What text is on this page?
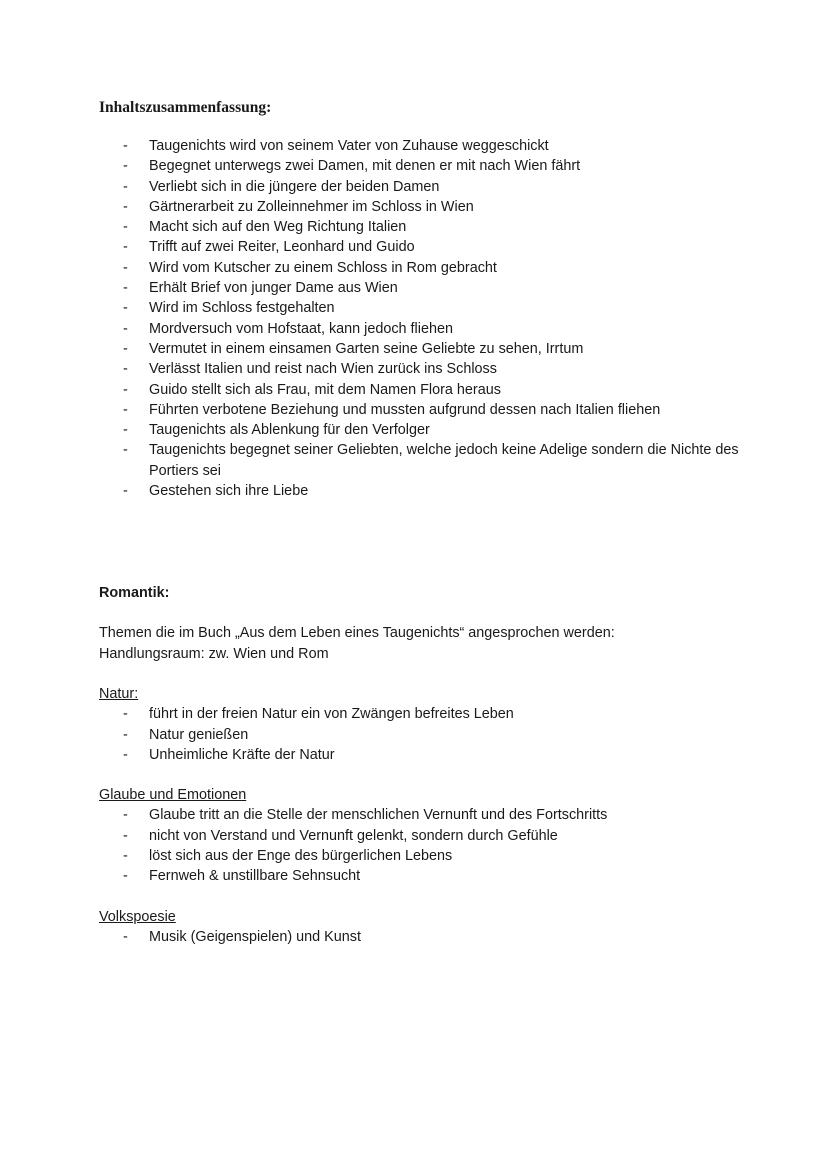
Inhaltszusammenfassung:
- Taugenichts wird von seinem Vater von Zuhause weggeschickt
- Begegnet unterwegs zwei Damen, mit denen er mit nach Wien fährt
- Verliebt sich in die jüngere der beiden Damen
- Gärtnerarbeit zu Zolleinnehmer im Schloss in Wien
- Macht sich auf den Weg Richtung Italien
- Trifft auf zwei Reiter, Leonhard und Guido
- Wird vom Kutscher zu einem Schloss in Rom gebracht
- Erhält Brief von junger Dame aus Wien
- Wird im Schloss festgehalten
- Mordversuch vom Hofstaat, kann jedoch fliehen
- Vermutet in einem einsamen Garten seine Geliebte zu sehen, Irrtum
- Verlässt Italien und reist nach Wien zurück ins Schloss
- Guido stellt sich als Frau, mit dem Namen Flora heraus
- Führten verbotene Beziehung und mussten aufgrund dessen nach Italien fliehen
- Taugenichts als Ablenkung für den Verfolger
- Taugenichts begegnet seiner Geliebten, welche jedoch keine Adelige sondern die Nichte des Portiers sei
- Gestehen sich ihre Liebe
Romantik:

Themen die im Buch „Aus dem Leben eines Taugenichts“ angesprochen werden:

Handlungsraum: zw. Wien und Rom

Natur:

- führt in der freien Natur ein von Zwängen befreites Leben
- Natur genießen
- Unheimliche Kräfte der Natur

Glaube und Emotionen

- Glaube tritt an die Stelle der menschlichen Vernunft und des Fortschritts
- nicht von Verstand und Vernunft gelenkt, sondern durch Gefühle
- löst sich aus der Enge des bürgerlichen Lebens
- Fernweh & unstillbare Sehnsucht

Volkspoesie

- Musik (Geigenspielen) und Kunst
